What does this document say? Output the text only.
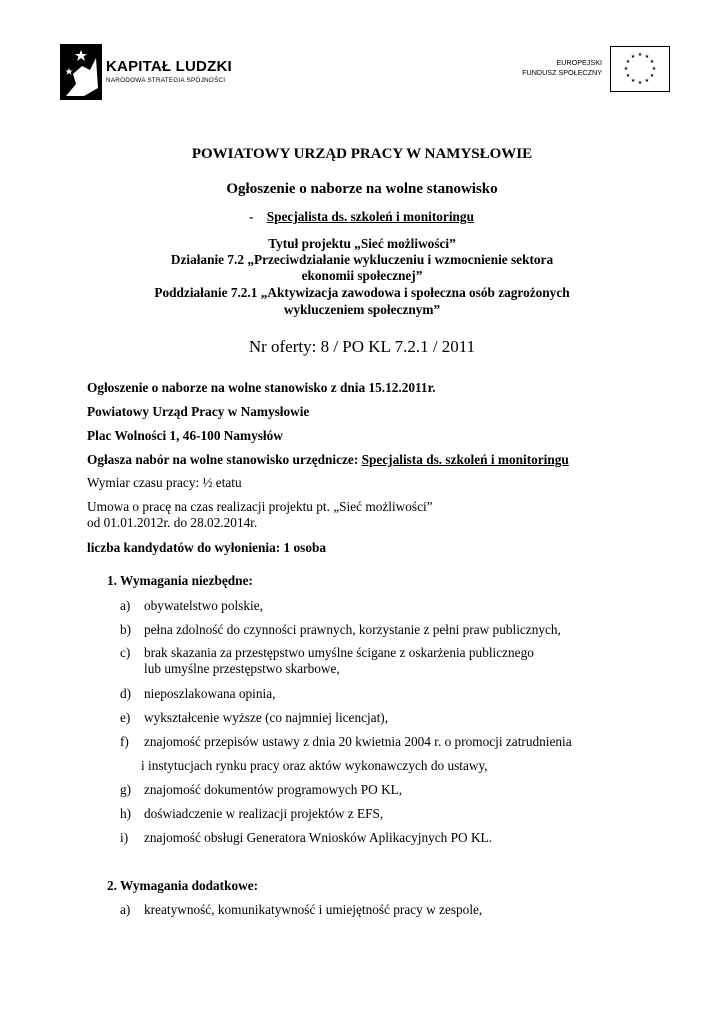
KAPITAŁ LUDZKI
NARODOWA STRATEGIA SPÓJNOŚCI
EUROPEJSKI
FUNDUSZ SPOŁECZNY
★ ★
★
★
★
★
★
★
★
★
★
★
POWIATOWY URZĄD PRACY W NAMYSŁOWIE
Ogłoszenie o naborze na wolne stanowisko
- Specjalista ds. szkoleń i monitoringu
Tytuł projektu „Sieć możliwości”
Działanie 7.2 „Przeciwdziałanie wykluczeniu i wzmocnienie sektora
ekonomii społecznej”
Poddziałanie 7.2.1 „Aktywizacja zawodowa i społeczna osób zagrożonych
wykluczeniem społecznym”
Nr oferty: 8 / PO KL 7.2.1 / 2011
Ogłoszenie o naborze na wolne stanowisko z dnia 15.12.2011r.
Powiatowy Urząd Pracy w Namysłowie
Plac Wolności 1, 46-100 Namysłów
Ogłasza nabór na wolne stanowisko urzędnicze: Specjalista ds. szkoleń i monitoringu
Wymiar czasu pracy: ½ etatu
Umowa o pracę na czas realizacji projektu pt. „Sieć możliwości”
od 01.01.2012r. do 28.02.2014r.
liczba kandydatów do wyłonienia: 1 osoba
1. Wymagania niezbędne:
a) obywatelstwo polskie,
b) pełna zdolność do czynności prawnych, korzystanie z pełni praw publicznych,
c) brak skazania za przestępstwo umyślne ścigane z oskarżenia publicznego
lub umyślne przestępstwo skarbowe,
d) nieposzlakowana opinia,
e) wykształcenie wyższe (co najmniej licencjat),
f) znajomość przepisów ustawy z dnia 20 kwietnia 2004 r. o promocji zatrudnienia
i instytucjach rynku pracy oraz aktów wykonawczych do ustawy,
g) znajomość dokumentów programowych PO KL,
h) doświadczenie w realizacji projektów z EFS,
i) znajomość obsługi Generatora Wniosków Aplikacyjnych PO KL.
2. Wymagania dodatkowe:
a) kreatywność, komunikatywność i umiejętność pracy w zespole,
